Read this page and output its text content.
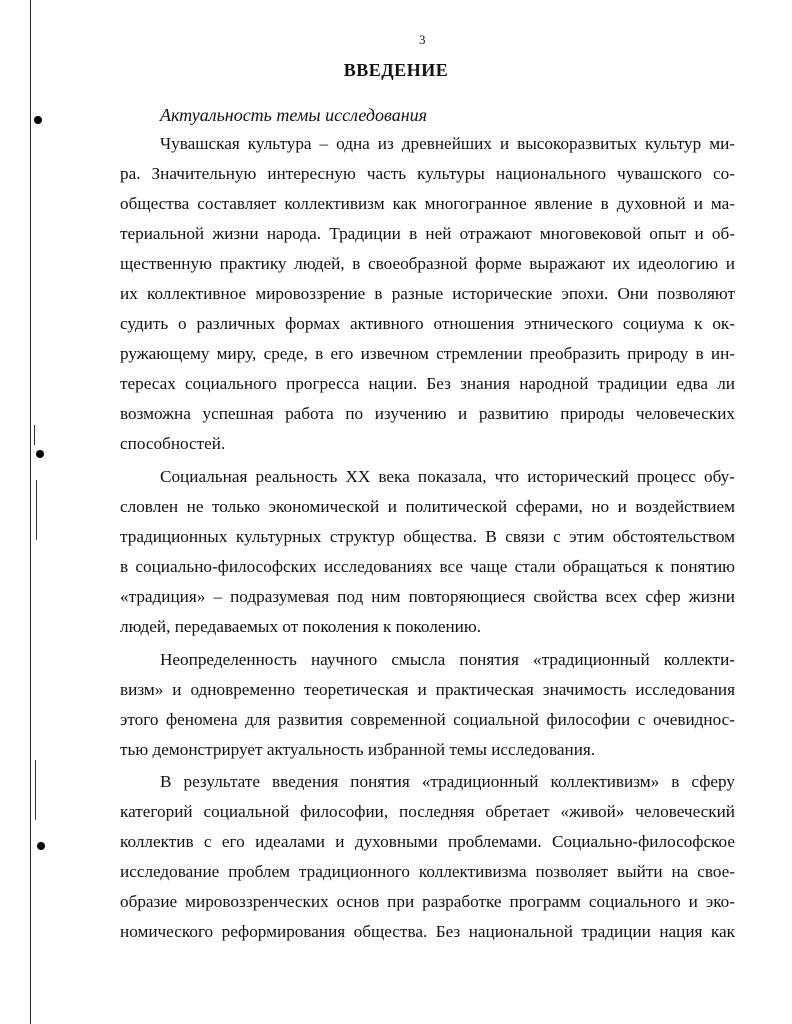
3
ВВЕДЕНИЕ
Актуальность темы исследования
Чувашская культура – одна из древнейших и высокоразвитых культур ми-
ра. Значительную интересную часть культуры национального чувашского со-
общества составляет коллективизм как многогранное явление в духовной и ма-
териальной жизни народа. Традиции в ней отражают многовековой опыт и об-
щественную практику людей, в своеобразной форме выражают их идеологию и
их коллективное мировоззрение в разные исторические эпохи. Они позволяют
судить о различных формах активного отношения этнического социума к ок-
ружающему миру, среде, в его извечном стремлении преобразить природу в ин-
тересах социального прогресса нации. Без знания народной традиции едва ли
возможна успешная работа по изучению и развитию природы человеческих
способностей.
Социальная реальность XX века показала, что исторический процесс обу-
словлен не только экономической и политической сферами, но и воздействием
традиционных культурных структур общества. В связи с этим обстоятельством
в социально-философских исследованиях все чаще стали обращаться к понятию
«традиция» – подразумевая под ним повторяющиеся свойства всех сфер жизни
людей, передаваемых от поколения к поколению.
Неопределенность научного смысла понятия «традиционный коллекти-
визм» и одновременно теоретическая и практическая значимость исследования
этого феномена для развития современной социальной философии с очевиднос-
тью демонстрирует актуальность избранной темы исследования.
В результате введения понятия «традиционный коллективизм» в сферу
категорий социальной философии, последняя обретает «живой» человеческий
коллектив с его идеалами и духовными проблемами. Социально-философское
исследование проблем традиционного коллективизма позволяет выйти на свое-
образие мировоззренческих основ при разработке программ социального и эко-
номического реформирования общества. Без национальной традиции нация как
